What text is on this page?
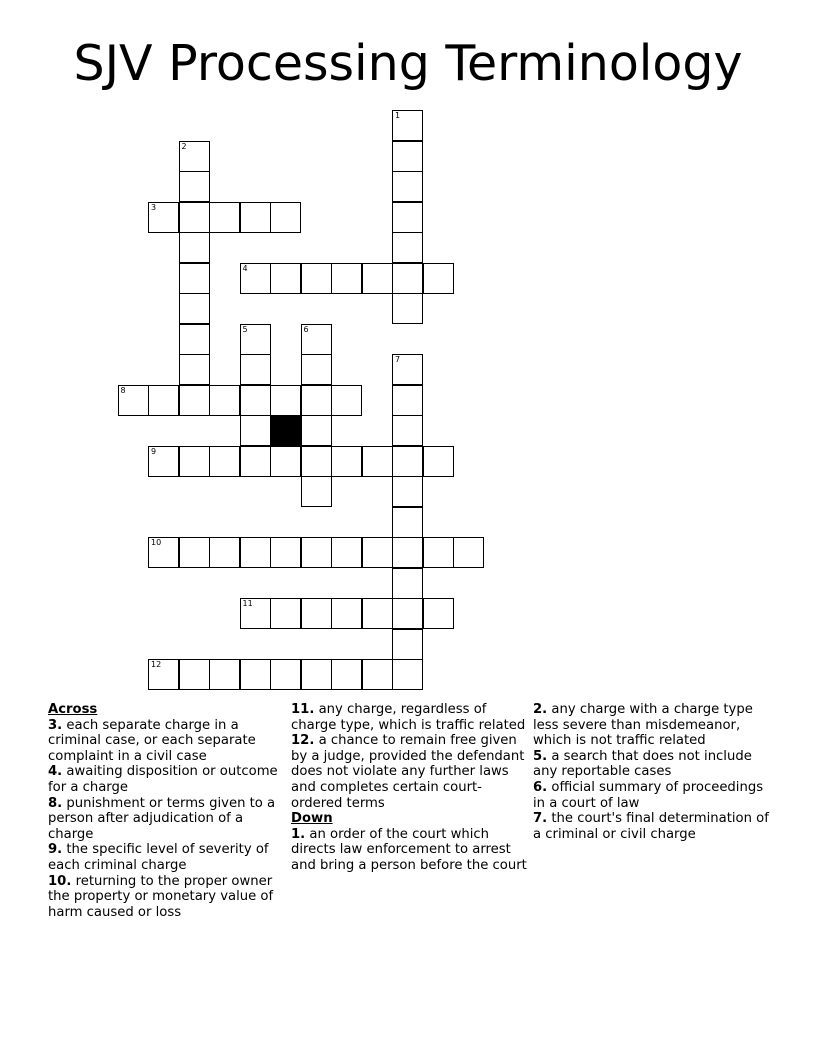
SJV Processing Terminology
1
2
3
4
5	6
7
8
9
10
11
12

Across

3. each separate charge in a criminal case, or each separate complaint in a civil case

4. awaiting disposition or outcome for a charge

8. punishment or terms given to a person after adjudication of a charge

9. the specific level of severity of each criminal charge

10. returning to the proper owner the property or monetary value of harm caused or loss

11. any charge, regardless of charge type, which is traffic related

12. a chance to remain free given by a judge, provided the defendant does not violate any further laws and completes certain court-ordered terms

Down

1. an order of the court which directs law enforcement to arrest and bring a person before the court

2. any charge with a charge type less severe than misdemeanor, which is not traffic related

5. a search that does not include any reportable cases

6. official summary of proceedings in a court of law

7. the court's final determination of a criminal or civil charge
